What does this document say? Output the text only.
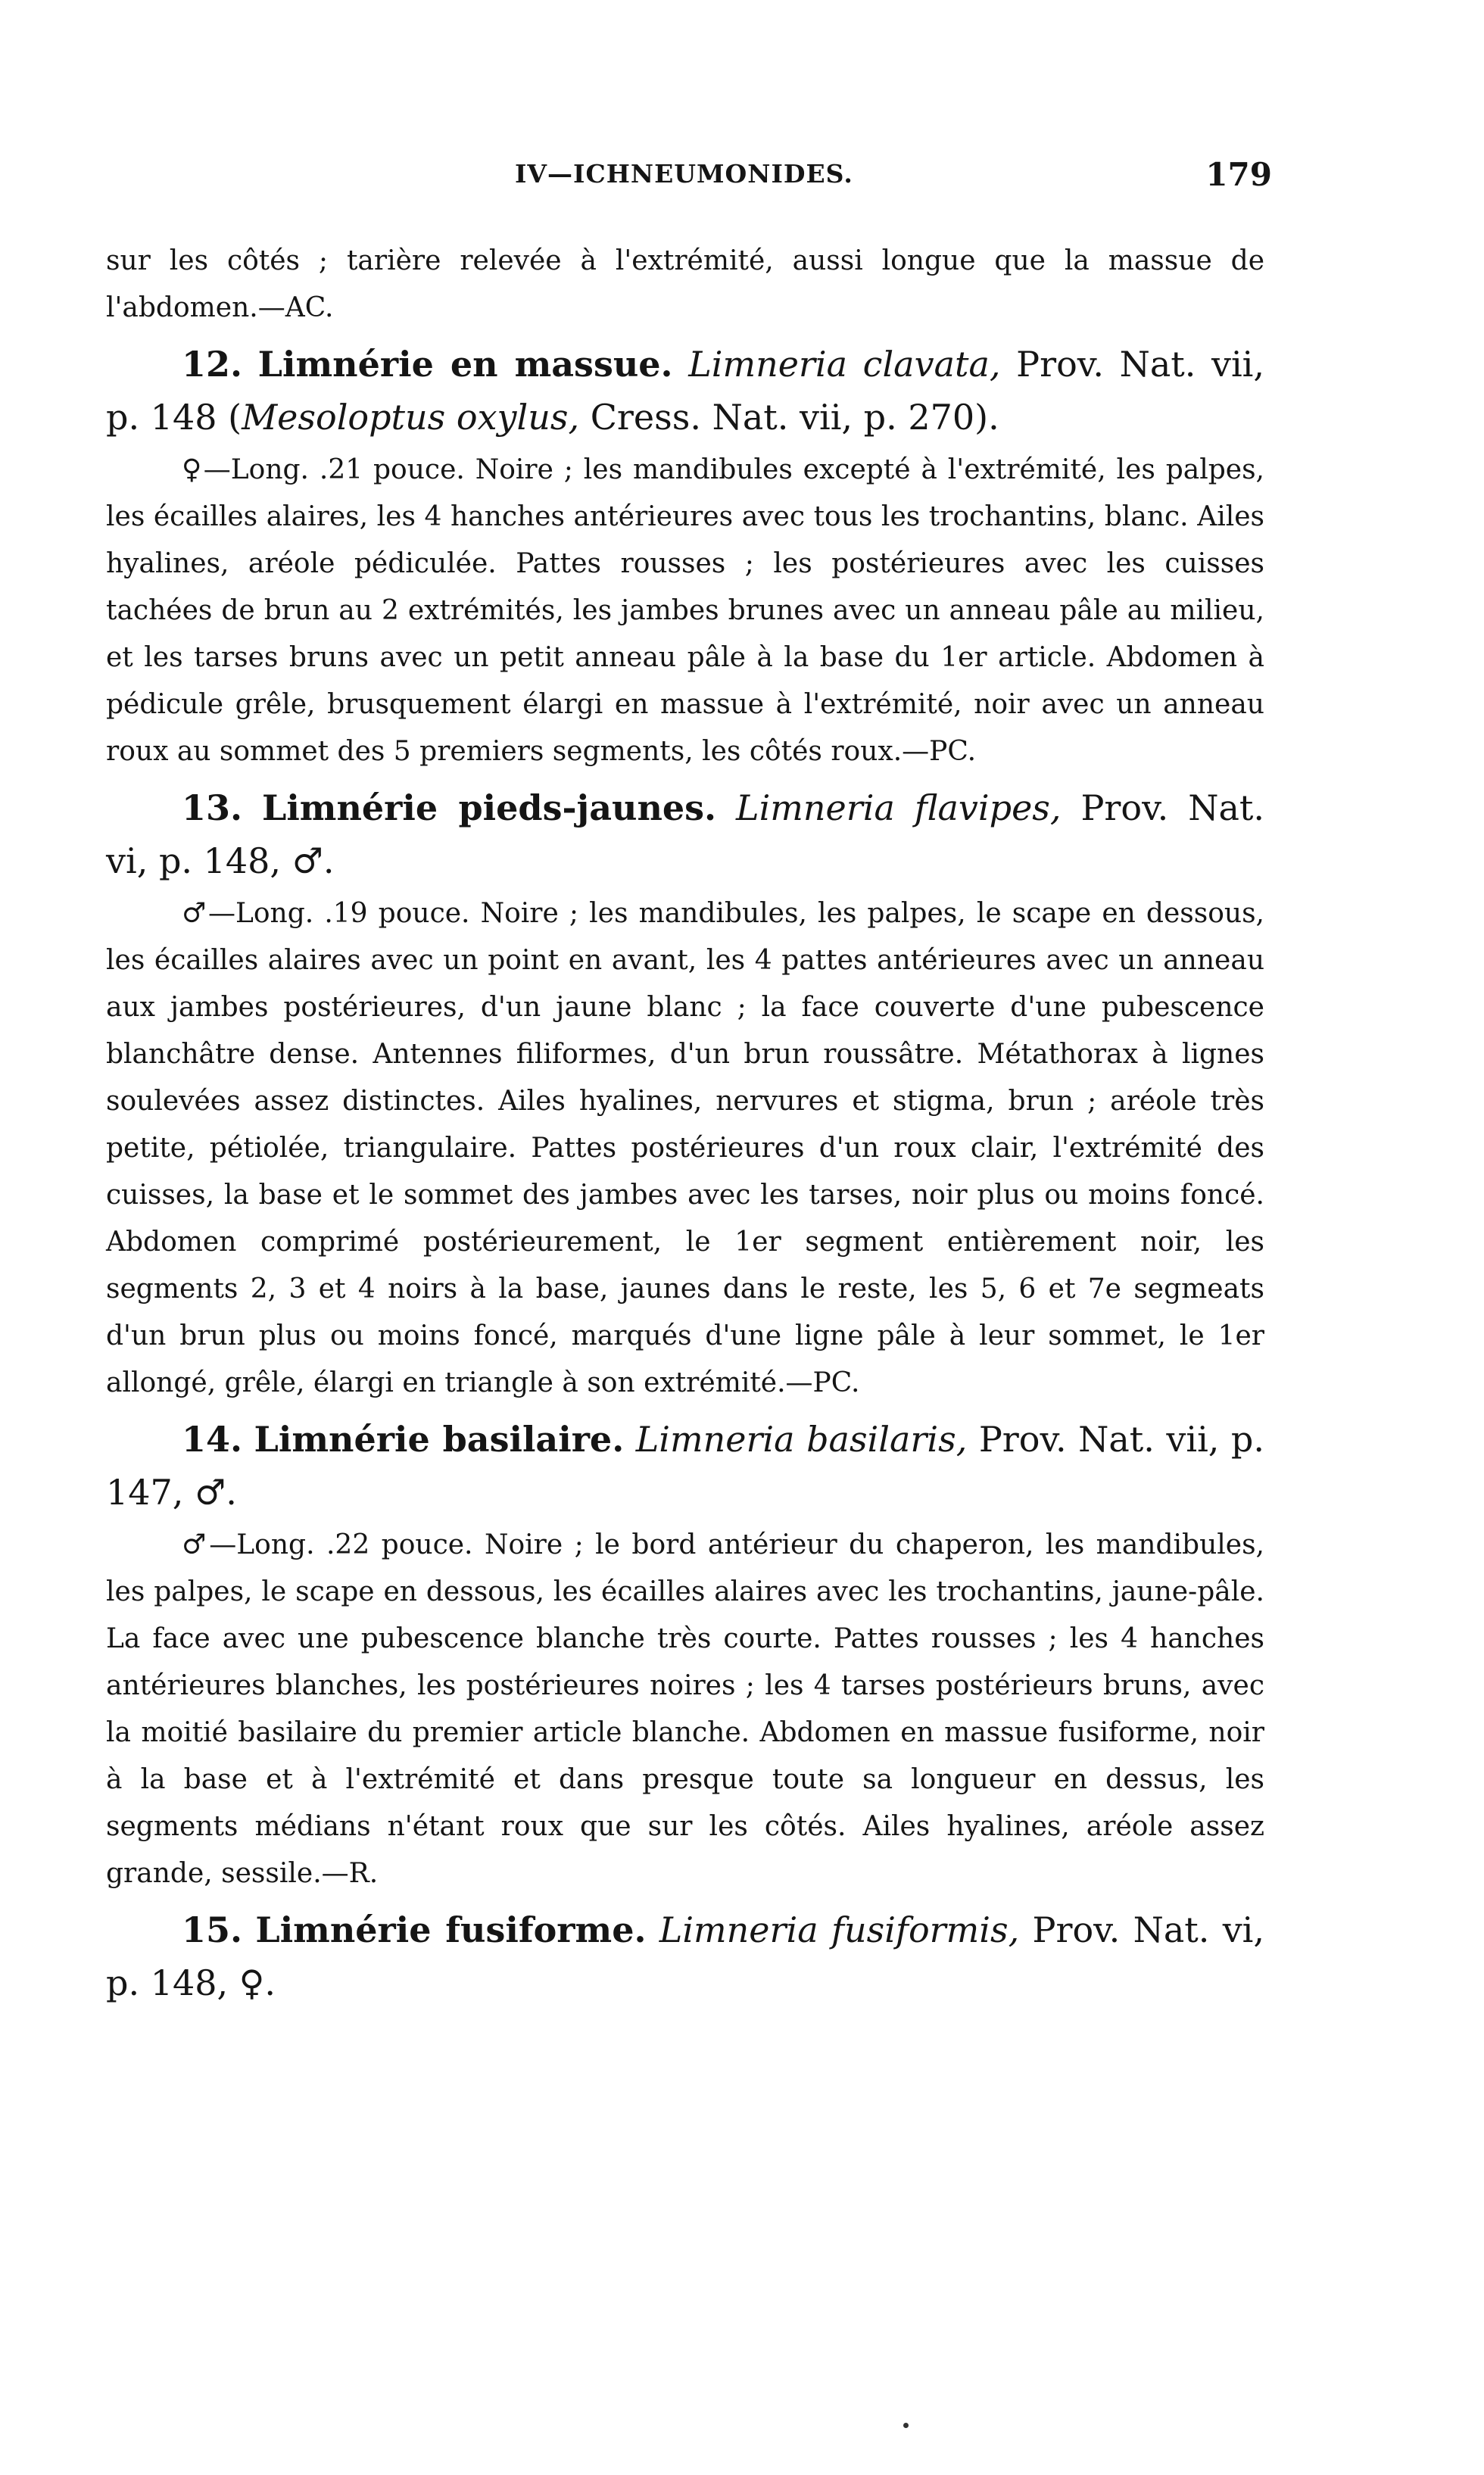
IV—ICHNEUMONIDES.	179

sur les côtés ; tarière relevée à l'extrémité, aussi longue que la massue de l'abdomen.—AC.

12. Limnérie en massue. Limneria clavata, Prov. Nat. vii, p. 148 (Mesoloptus oxylus, Cress. Nat. vii, p. 270).

♀—Long. .21 pouce. Noire ; les mandibules excepté à l'extrémité, les palpes, les écailles alaires, les 4 hanches antérieures avec tous les trochantins, blanc. Ailes hyalines, aréole pédiculée. Pattes rousses ; les postérieures avec les cuisses tachées de brun au 2 extrémités, les jambes brunes avec un anneau pâle au milieu, et les tarses bruns avec un petit anneau pâle à la base du 1er article. Abdomen à pédicule grêle, brusquement élargi en massue à l'extrémité, noir avec un anneau roux au sommet des 5 premiers segments, les côtés roux.—PC.

13. Limnérie pieds-jaunes. Limneria flavipes, Prov. Nat. vi, p. 148, ♂.

♂—Long. .19 pouce. Noire ; les mandibules, les palpes, le scape en dessous, les écailles alaires avec un point en avant, les 4 pattes antérieures avec un anneau aux jambes postérieures, d'un jaune blanc ; la face couverte d'une pubescence blanchâtre dense. Antennes filiformes, d'un brun roussâtre. Métathorax à lignes soulevées assez distinctes. Ailes hyalines, nervures et stigma, brun ; aréole très petite, pétiolée, triangulaire. Pattes postérieures d'un roux clair, l'extrémité des cuisses, la base et le sommet des jambes avec les tarses, noir plus ou moins foncé. Abdomen comprimé postérieurement, le 1er segment entièrement noir, les segments 2, 3 et 4 noirs à la base, jaunes dans le reste, les 5, 6 et 7e segmeats d'un brun plus ou moins foncé, marqués d'une ligne pâle à leur sommet, le 1er allongé, grêle, élargi en triangle à son extrémité.—PC.

14. Limnérie basilaire. Limneria basilaris, Prov. Nat. vii, p. 147, ♂.

♂—Long. .22 pouce. Noire ; le bord antérieur du chaperon, les mandibules, les palpes, le scape en dessous, les écailles alaires avec les trochantins, jaune-pâle. La face avec une pubescence blanche très courte. Pattes rousses ; les 4 hanches antérieures blanches, les postérieures noires ; les 4 tarses postérieurs bruns, avec la moitié basilaire du premier article blanche. Abdomen en massue fusiforme, noir à la base et à l'extrémité et dans presque toute sa longueur en dessus, les segments médians n'étant roux que sur les côtés. Ailes hyalines, aréole assez grande, sessile.—R.

15. Limnérie fusiforme. Limneria fusiformis, Prov. Nat. vi, p. 148, ♀.
